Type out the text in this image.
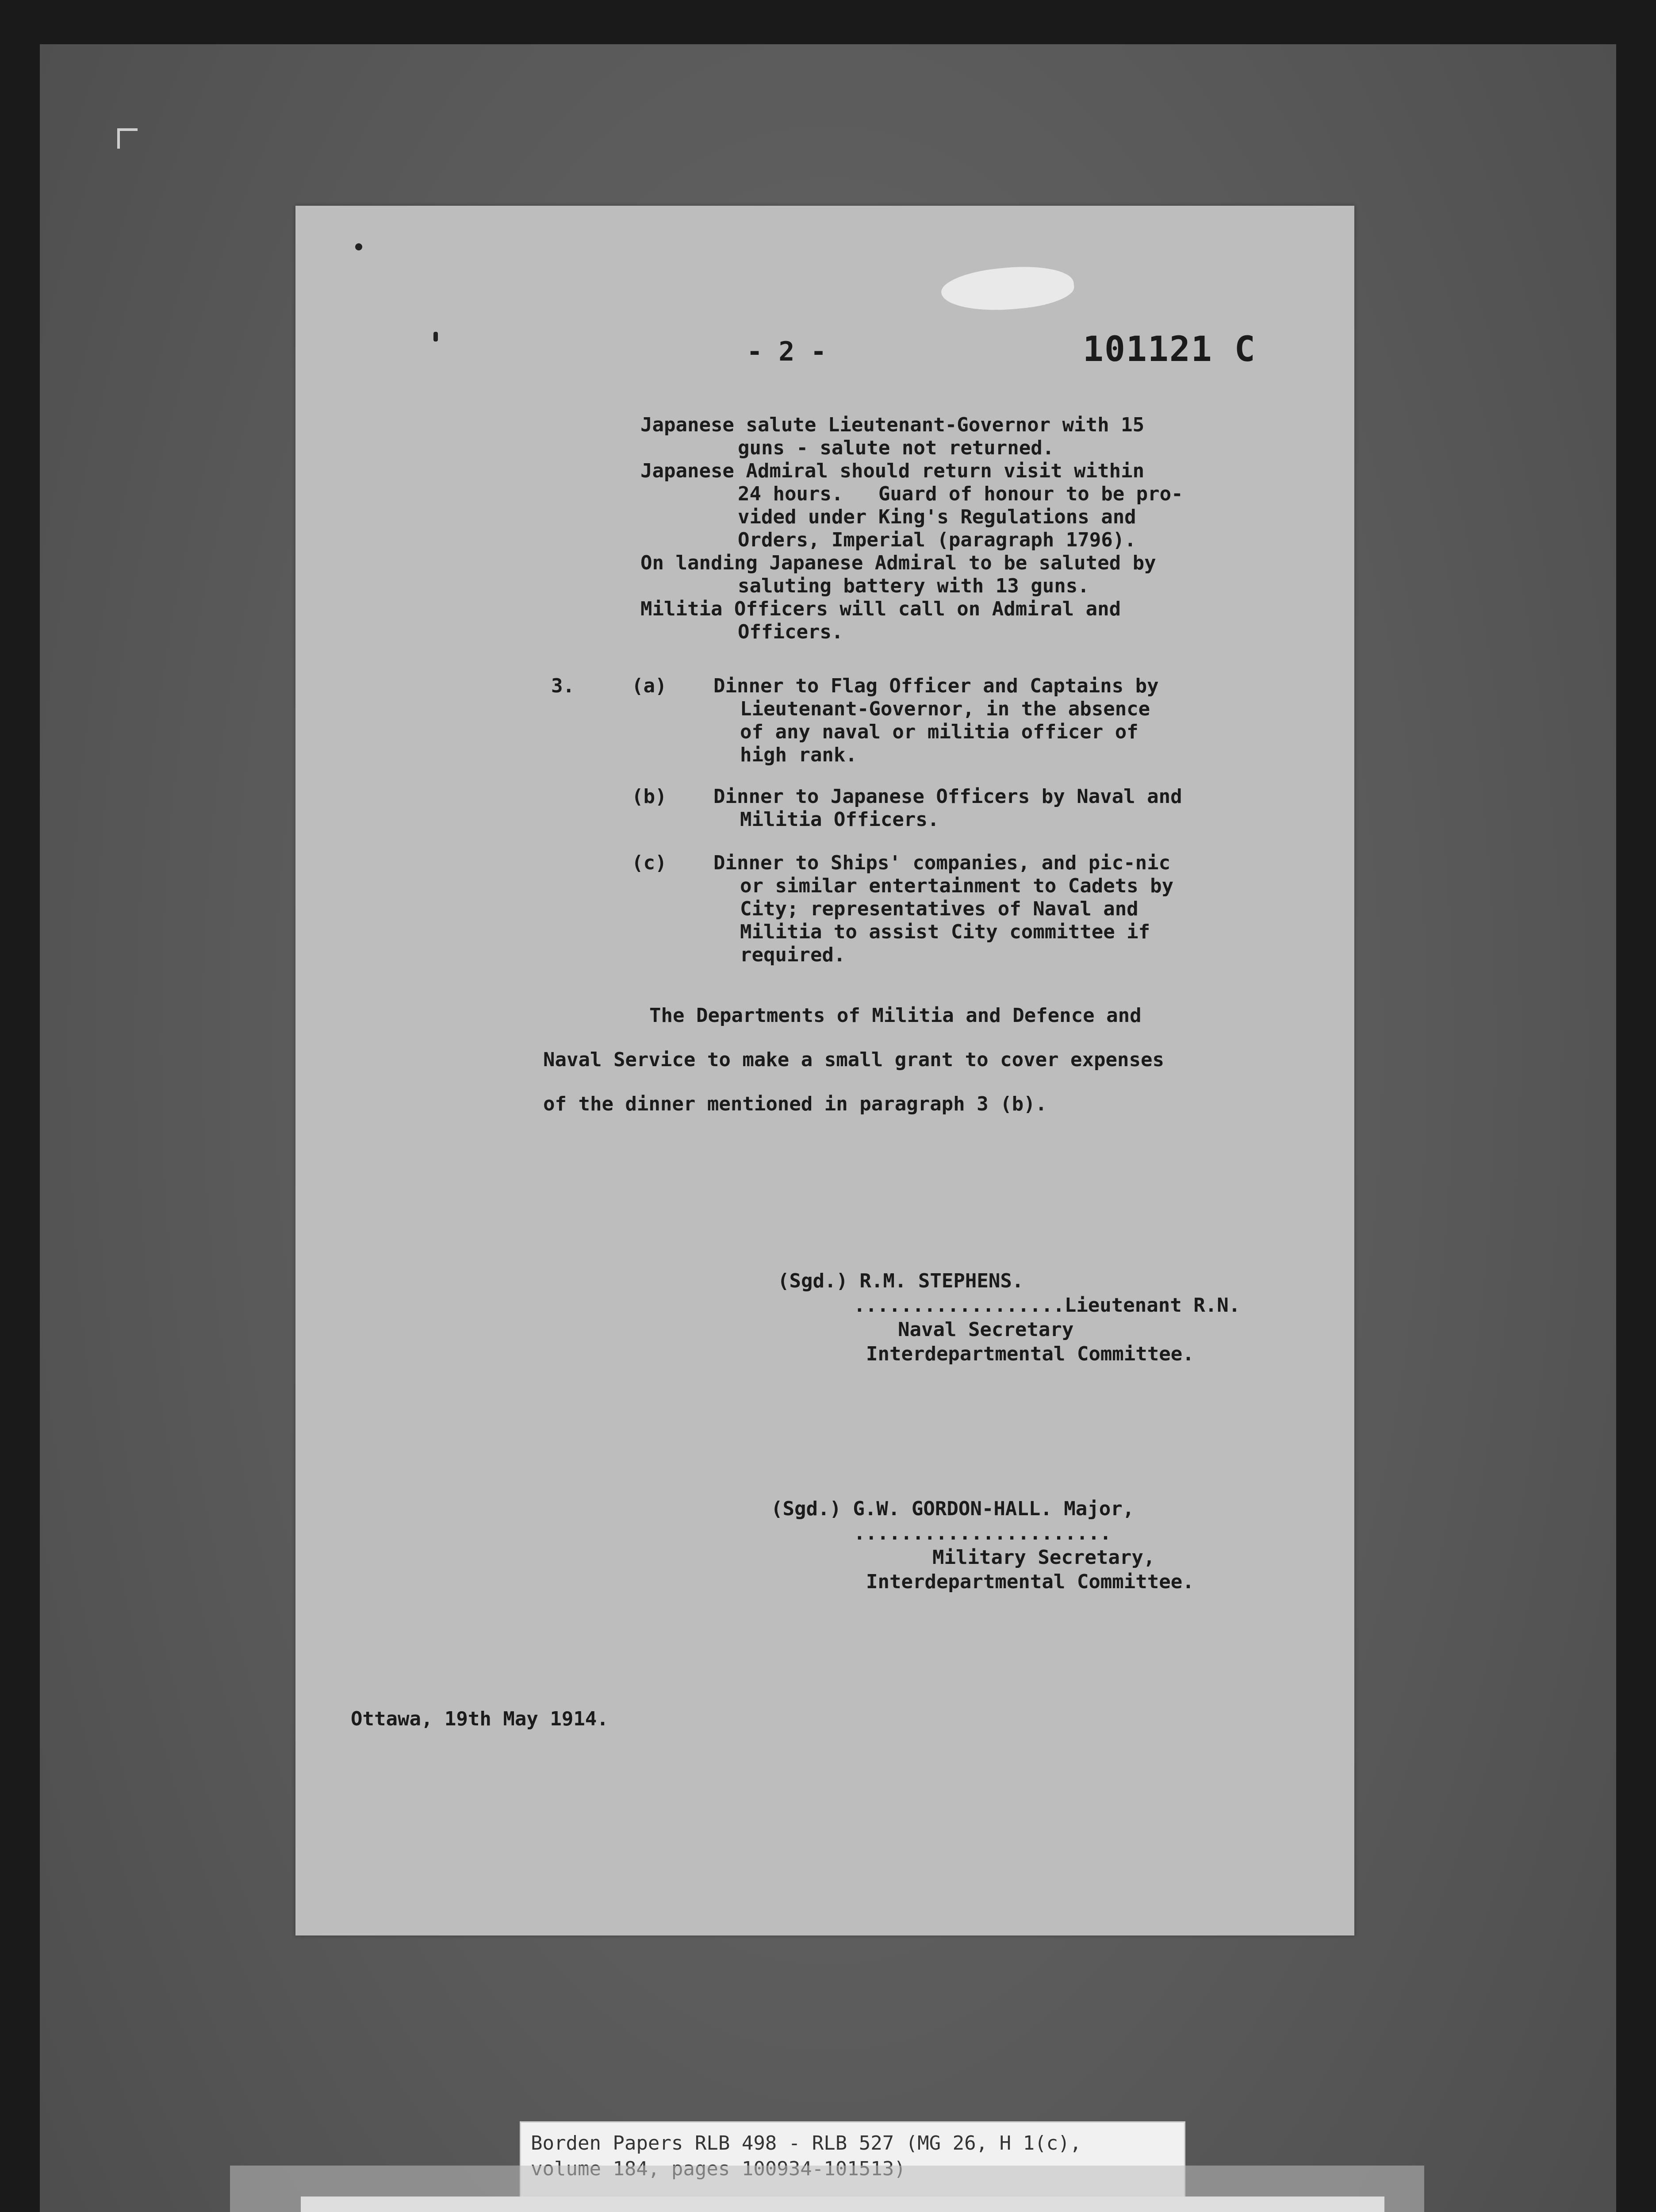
- 2 -	101121 C
Japanese salute Lieutenant-Governor with 15
guns - salute not returned.
Japanese Admiral should return visit within
24 hours.   Guard of honour to be pro-
vided under King's Regulations and
Orders, Imperial (paragraph 1796).
On landing Japanese Admiral to be saluted by
saluting battery with 13 guns.
Militia Officers will call on Admiral and
Officers.
3.	(a) Dinner to Flag Officer and Captains by
Lieutenant-Governor, in the absence
of any naval or militia officer of
high rank.
(b) Dinner to Japanese Officers by Naval and
Militia Officers.
(c) Dinner to Ships' companies, and pic-nic
or similar entertainment to Cadets by
City; representatives of Naval and
Militia to assist City committee if
required.
The Departments of Militia and Defence and
Naval Service to make a small grant to cover expenses
of the dinner mentioned in paragraph 3 (b).
(Sgd.) R.M. STEPHENS.
..................Lieutenant R.N.
Naval Secretary
Interdepartmental Committee.
(Sgd.) G.W. GORDON-HALL. Major,
......................
Military Secretary,
Interdepartmental Committee.
Ottawa, 19th May 1914.
Borden Papers RLB 498 - RLB 527 (MG 26, H 1(c),
